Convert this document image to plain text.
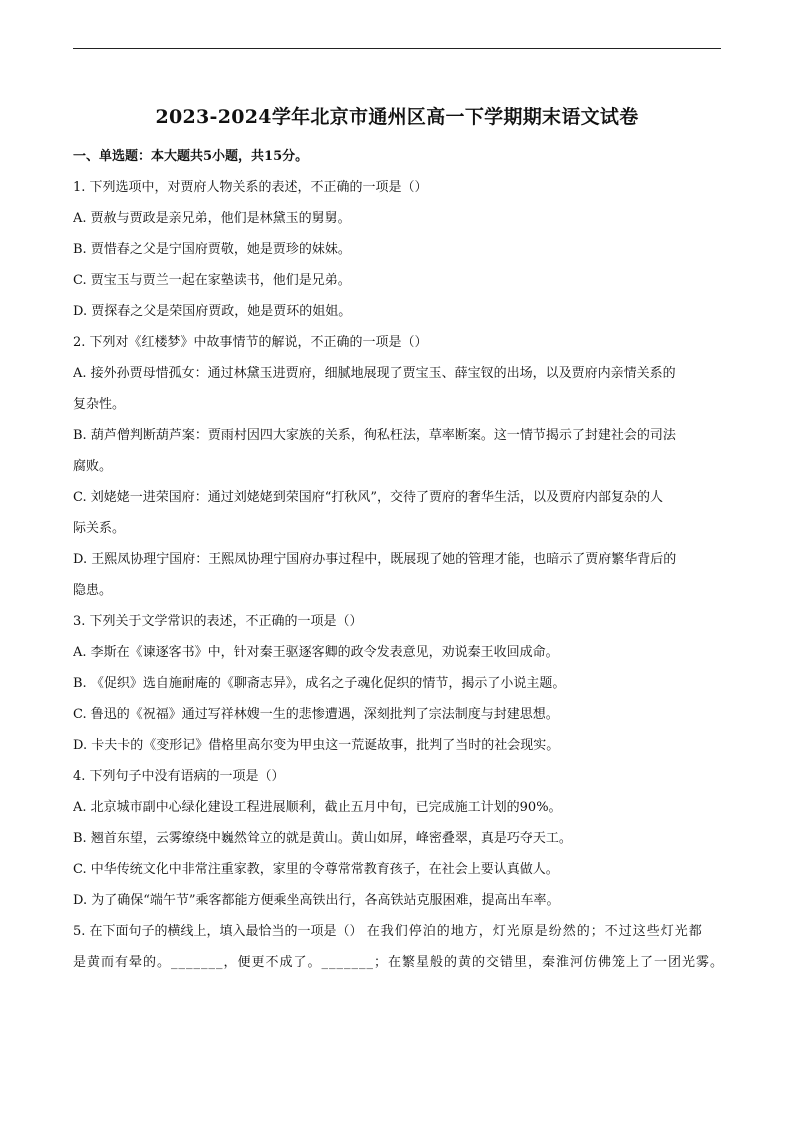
2023-2024学年北京市通州区高一下学期期末语文试卷
一、单选题：本大题共5小题，共15分。
1. 下列选项中，对贾府人物关系的表述，不正确的一项是（）
A. 贾赦与贾政是亲兄弟，他们是林黛玉的舅舅。
B. 贾惜春之父是宁国府贾敬，她是贾珍的妹妹。
C. 贾宝玉与贾兰一起在家塾读书，他们是兄弟。
D. 贾探春之父是荣国府贾政，她是贾环的姐姐。
2. 下列对《红楼梦》中故事情节的解说，不正确的一项是（）
A. 接外孙贾母惜孤女：通过林黛玉进贾府，细腻地展现了贾宝玉、薛宝钗的出场，以及贾府内亲情关系的
复杂性。
B. 葫芦僧判断葫芦案：贾雨村因四大家族的关系，徇私枉法，草率断案。这一情节揭示了封建社会的司法
腐败。
C. 刘姥姥一进荣国府：通过刘姥姥到荣国府“打秋风”，交待了贾府的奢华生活，以及贾府内部复杂的人
际关系。
D. 王熙凤协理宁国府：王熙凤协理宁国府办事过程中，既展现了她的管理才能，也暗示了贾府繁华背后的
隐患。
3. 下列关于文学常识的表述，不正确的一项是（）
A. 李斯在《谏逐客书》中，针对秦王驱逐客卿的政令发表意见，劝说秦王收回成命。
B. 《促织》选自施耐庵的《聊斋志异》，成名之子魂化促织的情节，揭示了小说主题。
C. 鲁迅的《祝福》通过写祥林嫂一生的悲惨遭遇，深刻批判了宗法制度与封建思想。
D. 卡夫卡的《变形记》借格里高尔变为甲虫这一荒诞故事，批判了当时的社会现实。
4. 下列句子中没有语病的一项是（）
A. 北京城市副中心绿化建设工程进展顺利，截止五月中旬，已完成施工计划的90%。
B. 翘首东望，云雾缭绕中巍然耸立的就是黄山。黄山如屏，峰密叠翠，真是巧夺天工。
C. 中华传统文化中非常注重家教，家里的令尊常常教育孩子，在社会上要认真做人。
D. 为了确保“端午节”乘客都能方便乘坐高铁出行，各高铁站克服困难，提高出车率。
5. 在下面句子的横线上，填入最恰当的一项是（） 在我们停泊的地方，灯光原是纷然的；不过这些灯光都
是黄而有晕的。_______，便更不成了。_______；在繁星般的黄的交错里，秦淮河仿佛笼上了一团光雾。
